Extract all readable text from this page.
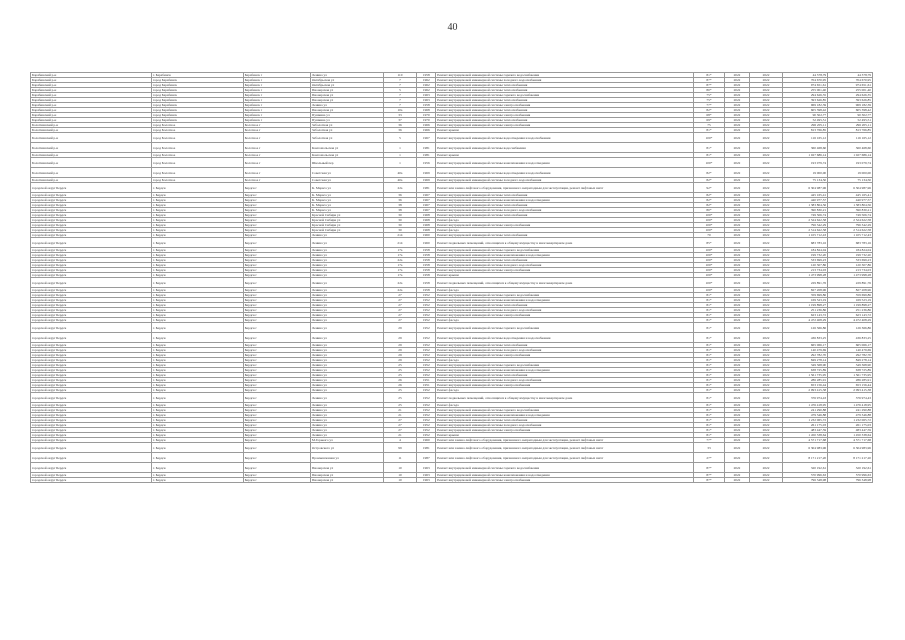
40
Барабинский р-н	г. Барабинск	Барабинск г	Ленина ул	110	1958	Ремонт внутридомовой инженерной системы горячего водоснабжения	81*	2022	2022	44 378,79	44 378,79
Барабинский р-н	город Барабинск	Барабинск г	Октябрьская ул	7	1962	Ремонт внутридомовой инженерной системы холодного водоснабжения	87*	2022	2022	704 670,95	704 670,95
Барабинский р-н	город Барабинск	Барабинск г	Октябрьская ул	7	1962	Ремонт внутридомовой инженерной системы теплоснабжения	87*	2022	2022	974 651,61	974 651,61
Барабинский р-н	город Барабинск	Барабинск г	Пионерская ул	5	1962	Ремонт внутридомовой инженерной системы теплоснабжения	80*	2022	2022	255 001,40	255 001,40
Барабинский р-н	город Барабинск	Барабинск г	Пионерская ул	7	1963	Ремонт внутридомовой инженерной системы горячего водоснабжения	75*	2022	2022	294 626,35	294 626,35
Барабинский р-н	город Барабинск	Барабинск г	Пионерская ул	7	1963	Ремонт внутридомовой инженерной системы теплоснабжения	75*	2022	2022	393 626,85	393 626,85
Барабинский р-н	город Барабинск	Барабинск г	Ленина ул	7	1958	Ремонт внутридомовой инженерной системы электроснабжения	77*	2022	2022	969 182,39	969 182,39
Барабинский р-н	город Барабинск	Барабинск г	Пионерская ул	10а	1968	Ремонт внутридомовой инженерной системы теплоснабжения	82*	2022	2022	605 398,42	605 398,42
Барабинский р-н	город Барабинск	Барабинск г	Пушкина ул	33	1970	Ремонт внутридомовой инженерной системы электроснабжения	68*	2022	2022	90 302,77	90 302,77
Барабинский р-н	город Барабинск	Барабинск г	Пушкина ул	37	1970	Ремонт внутридомовой инженерной системы теплоснабжения	69*	2022	2022	52 495,51	52 495,51
Болотнинский р-н	город Болотное	Болотное г	Заболотная ул	36	1966	Ремонт внутридомовой инженерной системы электроснабжения	75	2022	2022	296 205,11	296 205,11
Болотнинский р-н	город Болотное	Болотное г	Заболотная ул	36	1966	Ремонт крыши	81*	2022	2022	813 766,85	813 766,85
Болотнинский р-н	город Болотное	Болотное г	Заболотная ул	5	1967	Ремонт внутридомовой инженерной системы водоотведения и водоснабжения	100*	2022	2022	116 165,12	116 165,12
Болотнинский р-н	город Болотное	Болотное г	Комсомольская ул	1	1981	Ремонт внутридомовой инженерной системы водоснабжения	81*	2022	2022	360 468,60	360 468,60
Болотнинский р-н	город Болотное	Болотное г	Комсомольская ул	1	1981	Ремонт крыши	81*	2022	2022	1 027 686,14	1 027 686,14
Болотнинский р-н	город Болотное	Болотное г	Школьный пер	1	1956	Ремонт внутридомовой инженерной системы канализования и водоотведения	100*	2022	2022	193 079,74	193 079,74
Болотнинский р-н	город Болотное	Болотное г	Советская ул	40а	1969	Ремонт внутридомовой инженерной системы водоотведения и водоснабжения	82*	2022	2022	19 000,00	19 000,00
Болотнинский р-н	город Болотное	Болотное г	Советская ул	40а	1969	Ремонт внутридомовой инженерной системы холодного водоснабжения	82*	2022	2022	75 134,50	75 134,50
городской округ Бердск	г. Бердск	Бердск г	К. Маркса ул	22а	1981	Ремонт или замена лифтового оборудования, признанного непригодным для эксплуатации, ремонт лифтовых шахт	92*	2022	2022	6 304 987,96	6 304 987,96
городской округ Бердск	г. Бердск	Бердск г	К. Маркса ул	36	1967	Ремонт внутридомовой инженерной системы теплоснабжения	82*	2022	2022	445 165,41	445 165,41
городской округ Бердск	г. Бердск	Бердск г	К. Маркса ул	36	1967	Ремонт внутридомовой инженерной системы канализования и водоотведения	82*	2022	2022	440 977,57	440 977,57
городской округ Бердск	г. Бердск	Бердск г	К. Маркса ул	38	1967	Ремонт внутридомовой инженерной системы теплоснабжения	82*	2022	2022	1 383 804,56	1 383 804,56
городской округ Бердск	г. Бердск	Бердск г	К. Маркса ул	38	1967	Ремонт внутридомовой инженерной системы холодного водоснабжения	80*	2022	2022	390 830,21	390 830,21
городской округ Бердск	г. Бердск	Бердск г	Красной Сибири ул	30	1968	Ремонт внутридомовой инженерной системы теплоснабжения	100*	2022	2022	749 506,74	749 506,74
городской округ Бердск	г. Бердск	Бердск г	Красной Сибири ул	30	1968	Ремонт фасада	100*	2022	2022	2 524 622,58	2 524 622,58
городской округ Бердск	г. Бердск	Бердск г	Красной Сибири ул	30	1968	Ремонт внутридомовой инженерной системы электроснабжения	100*	2022	2022	796 342,29	796 342,29
городской округ Бердск	г. Бердск	Бердск г	Красной Сибири ул	30	1968	Ремонт фасада	100*	2022	2022	2 514 622,58	2 514 622,58
городской округ Бердск	г. Бердск	Бердск г	Ленина ул	214	1960	Ремонт внутридомовой инженерной системы теплоснабжения	70	2022	2022	1 105 712,43	1 105 712,43
городской округ Бердск	г. Бердск	Бердск г	Ленина ул	214	1960	Ремонт подвальных помещений, относящихся к общему имуществу в многоквартирном доме	85*	2022	2022	683 783,16	683 783,16
городской округ Бердск	г. Бердск	Бердск г	Ленина ул	17а	1958	Ремонт внутридомовой инженерной системы горячего водоснабжения	100*	2022	2022	184 824,04	184 824,04
городской округ Бердск	г. Бердск	Бердск г	Ленина ул	17а	1958	Ремонт внутридомовой инженерной системы канализования и водоотведения	100*	2022	2022	199 732,20	199 732,20
городской округ Бердск	г. Бердск	Бердск г	Ленина ул	22а	1958	Ремонт внутридомовой инженерной системы теплоснабжения	100*	2022	2022	533 699,23	533 699,23
городской округ Бердск	г. Бердск	Бердск г	Ленина ул	17а	1958	Ремонт внутридомовой инженерной системы холодного водоснабжения	100*	2022	2022	120 307,86	120 307,86
городской округ Бердск	г. Бердск	Бердск г	Ленина ул	17а	1958	Ремонт внутридомовой инженерной системы электроснабжения	100*	2022	2022	213 734,03	213 734,03
городской округ Бердск	г. Бердск	Бердск г	Ленина ул	17а	1958	Ремонт крыши	100*	2022	2022	1 473 998,28	1 473 998,28
городской округ Бердск	г. Бердск	Бердск г	Ленина ул	22а	1958	Ремонт подвальных помещений, относящихся к общему имуществу в многоквартирном доме	100*	2022	2022	229 891,76	229 891,76
городской округ Бердск	г. Бердск	Бердск г	Ленина ул	22а	1958	Ремонт фасада	100*	2022	2022	827 208,96	827 208,96
городской округ Бердск	г. Бердск	Бердск г	Ленина ул	27	1952	Ремонт внутридомовой инженерной системы горячего водоснабжения	81*	2022	2022	359 699,86	359 699,86
городской округ Бердск	г. Бердск	Бердск г	Ленина ул	27	1952	Ремонт внутридомовой инженерной системы канализования и водоотведения	81*	2022	2022	169 523,19	169 523,19
городской округ Бердск	г. Бердск	Бердск г	Ленина ул	27	1952	Ремонт внутридомовой инженерной системы теплоснабжения	81*	2022	2022	1 199 898,27	1 199 898,27
городской округ Бердск	г. Бердск	Бердск г	Ленина ул	27	1952	Ремонт внутридомовой инженерной системы холодного водоснабжения	81*	2022	2022	251 236,86	251 236,86
городской округ Бердск	г. Бердск	Бердск г	Ленина ул	27	1952	Ремонт внутридомовой инженерной системы электроснабжения	81*	2022	2022	623 143,72	623 143,72
городской округ Бердск	г. Бердск	Бердск г	Ленина ул	27	1952	Ремонт фасада	81*	2022	2022	4 472 408,29	4 472 408,29
городской округ Бердск	г. Бердск	Бердск г	Ленина ул	29	1952	Ремонт внутридомовой инженерной системы горячего водоснабжения	81*	2022	2022	126 366,86	126 366,86
городской округ Бердск	г. Бердск	Бердск г	Ленина ул	29	1952	Ремонт внутридомовой инженерной системы водоотведения и водоснабжения	81*	2022	2022	436 833,25	436 833,25
городской округ Бердск	г. Бердск	Бердск г	Ленина ул	29	1952	Ремонт внутридомовой инженерной системы теплоснабжения	81*	2022	2022	665 066,17	665 066,17
городской округ Бердск	г. Бердск	Бердск г	Ленина ул	29	1952	Ремонт внутридомовой инженерной системы холодного водоснабжения	81*	2022	2022	140 479,69	140 479,69
городской округ Бердск	г. Бердск	Бердск г	Ленина ул	29	1952	Ремонт внутридомовой инженерной системы электроснабжения	81*	2022	2022	292 782,70	292 782,70
городской округ Бердск	г. Бердск	Бердск г	Ленина ул	29	1952	Ремонт фасада	81*	2022	2022	849 278,14	849 278,14
городской округ Бердск	г. Бердск	Бердск г	Ленина ул	25	1952	Ремонт внутридомовой инженерной системы горячего водоснабжения	81*	2022	2022	349 368,90	349 368,90
городской округ Бердск	г. Бердск	Бердск г	Ленина ул	25	1952	Ремонт внутридомовой инженерной системы канализования и водоотведения	81*	2022	2022	638 725,89	638 725,89
городской округ Бердск	г. Бердск	Бердск г	Ленина ул	25	1952	Ремонт внутридомовой инженерной системы теплоснабжения	81*	2022	2022	1 561 735,95	1 561 735,95
городской округ Бердск	г. Бердск	Бердск г	Ленина ул	26	1951	Ремонт внутридомовой инженерной системы холодного водоснабжения	81*	2022	2022	286 285,91	286 285,91
городской округ Бердск	г. Бердск	Бердск г	Ленина ул	26	1951	Ремонт внутридомовой инженерной системы электроснабжения	81*	2022	2022	653 156,44	653 156,44
городской округ Бердск	г. Бердск	Бердск г	Ленина ул	25	1952	Ремонт фасада	81*	2022	2022	2 093 415,38	2 093 415,38
городской округ Бердск	г. Бердск	Бердск г	Ленина ул	25	1952	Ремонт подвальных помещений, относящихся к общему имуществу в многоквартирном доме	81*	2022	2022	376 974,43	376 974,43
городской округ Бердск	г. Бердск	Бердск г	Ленина ул	25	1952	Ремонт фасада	81*	2022	2022	1 476 418,95	1 476 418,95
городской округ Бердск	г. Бердск	Бердск г	Ленина ул	21	1952	Ремонт внутридомовой инженерной системы горячего водоснабжения	81*	2022	2022	241 290,88	241 290,88
городской округ Бердск	г. Бердск	Бердск г	Ленина ул	21	1952	Ремонт внутридомовой инженерной системы канализования и водоотведения	81*	2022	2022	479 346,88	479 346,88
городской округ Бердск	г. Бердск	Бердск г	Ленина ул	27	1952	Ремонт внутридомовой инженерной системы теплоснабжения	81*	2022	2022	1 232 065,72	1 232 065,72
городской округ Бердск	г. Бердск	Бердск г	Ленина ул	27	1952	Ремонт внутридомовой инженерной системы холодного водоснабжения	81*	2022	2022	261 175,03	261 175,03
городской округ Бердск	г. Бердск	Бердск г	Ленина ул	27	1952	Ремонт внутридомовой инженерной системы электроснабжения	81*	2022	2022	483 447,59	483 447,59
городской округ Бердск	г. Бердск	Бердск г	Ленина ул	21	1952	Ремонт крыши	81*	2022	2022	1 450 338,64	1 450 338,64
городской округ Бердск	г. Бердск	Бердск г	М.Горького ул	4	1960	Ремонт или замена лифтового оборудования, признанного непригодным для эксплуатации, ремонт лифтовых шахт	77*	2022	2022	4 571 717,68	4 571 717,68
городской округ Бердск	г. Бердск	Бердск г	Островского ул	99	1981	Ремонт или замена лифтового оборудования, признанного непригодным для эксплуатации, ремонт лифтовых шахт	33	2022	2022	6 304 983,96	6 304 983,96
городской округ Бердск	г. Бердск	Бердск г	Промышленная ул	11	1987	Ремонт или замена лифтового оборудования, признанного непригодным для эксплуатации, ремонт лифтовых шахт	27*	2022	2022	8 171 217,20	8 171 217,20
городской округ Бердск	г. Бердск	Бердск г	Пионерская ул	10	1963	Ремонт внутридомовой инженерной системы горячего водоснабжения	87*	2022	2022	320 192,61	320 192,61
городской округ Бердск	г. Бердск	Бердск г	Пионерская ул	10	1963	Ремонт внутридомовой инженерной системы канализования и водоотведения	87*	2022	2022	570 996,63	570 996,63
городской округ Бердск	г. Бердск	Бердск г	Пионерская ул	10	1963	Ремонт внутридомовой инженерной системы электроснабжения	87*	2022	2022	796 348,98	796 348,98
